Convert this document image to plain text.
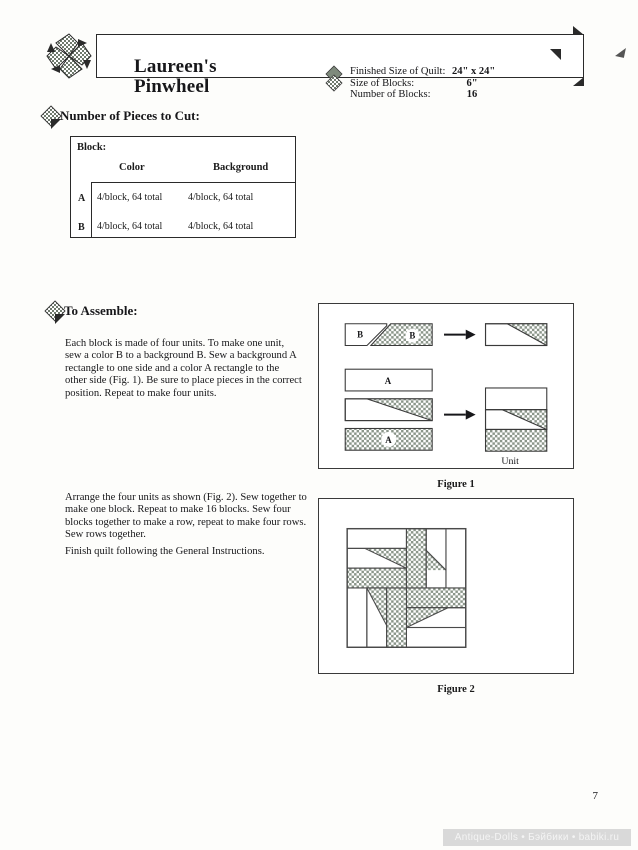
Laureen's
Pinwheel
Finished Size of Quilt: 24" x 24"
Size of Blocks:	6"
Number of Blocks:	16
Number of Pieces to Cut:
Block:
Color	Background
A 4/block, 64 total	4/block, 64 total
B 4/block, 64 total	4/block, 64 total
To Assemble:
Each block is made of four units. To make one unit, sew a color B to a background B. Sew a background A rectangle to one side and a color A rectangle to the other side (Fig. 1). Be sure to place pieces in the correct position. Repeat to make four units.
Arrange the four units as shown (Fig. 2). Sew together to make one block. Repeat to make 16 blocks. Sew four blocks together to make a row, repeat to make four rows. Sew rows together.
Finish quilt following the General Instructions.
B	B
A
A
Unit
Figure 1
Figure 2
7
Antique-Dolls • Бэйбики • babiki.ru
